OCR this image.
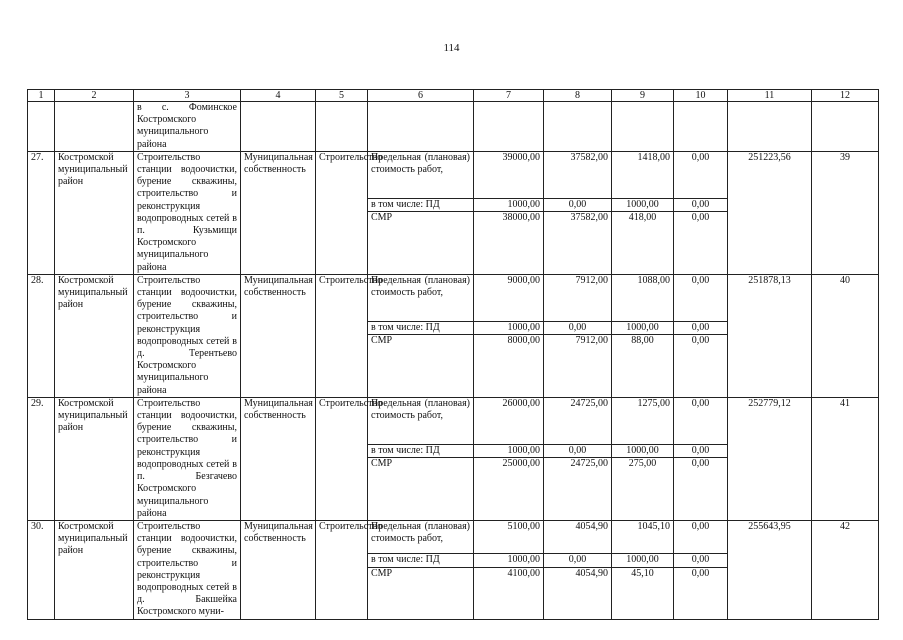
114
1	2	3	4	5	6	7	8	9	10	11	12
		в с. Фоминское Костромского муниципального района									
27.	Костромской муниципальный район	Строительство станции водоочистки, бурение скважины, строительство и реконструкция водопроводных сетей в п. Кузьмищи Костромского муниципального района	Муниципальная собственность	Строительство	Предельная (плановая) стоимость работ,	39000,00	37582,00	1418,00	0,00	251223,56	39
					в том числе: ПД	1000,00	0,00	1000,00	0,00		
					СМР	38000,00	37582,00	418,00	0,00		
28.	Костромской муниципальный район	Строительство станции водоочистки, бурение скважины, строительство и реконструкция водопроводных сетей в д. Терентьево Костромского муниципального района	Муниципальная собственность	Строительство	Предельная (плановая) стоимость работ,	9000,00	7912,00	1088,00	0,00	251878,13	40
					в том числе: ПД	1000,00	0,00	1000,00	0,00		
					СМР	8000,00	7912,00	88,00	0,00		
29.	Костромской муниципальный район	Строительство станции водоочистки, бурение скважины, строительство и реконструкция водопроводных сетей в п. Безгачево Костромского муниципального района	Муниципальная собственность	Строительство	Предельная (плановая) стоимость работ,	26000,00	24725,00	1275,00	0,00	252779,12	41
					в том числе: ПД	1000,00	0,00	1000,00	0,00		
					СМР	25000,00	24725,00	275,00	0,00		
30.	Костромской муниципальный район	Строительство станции водоочистки, бурение скважины, строительство и реконструкция водопроводных сетей в д. Бакшейка Костромского муни-	Муниципальная собственность	Строительство	Предельная (плановая) стоимость работ,	5100,00	4054,90	1045,10	0,00	255643,95	42
					в том числе: ПД	1000,00	0,00	1000,00	0,00		
					СМР	4100,00	4054,90	45,10	0,00		
